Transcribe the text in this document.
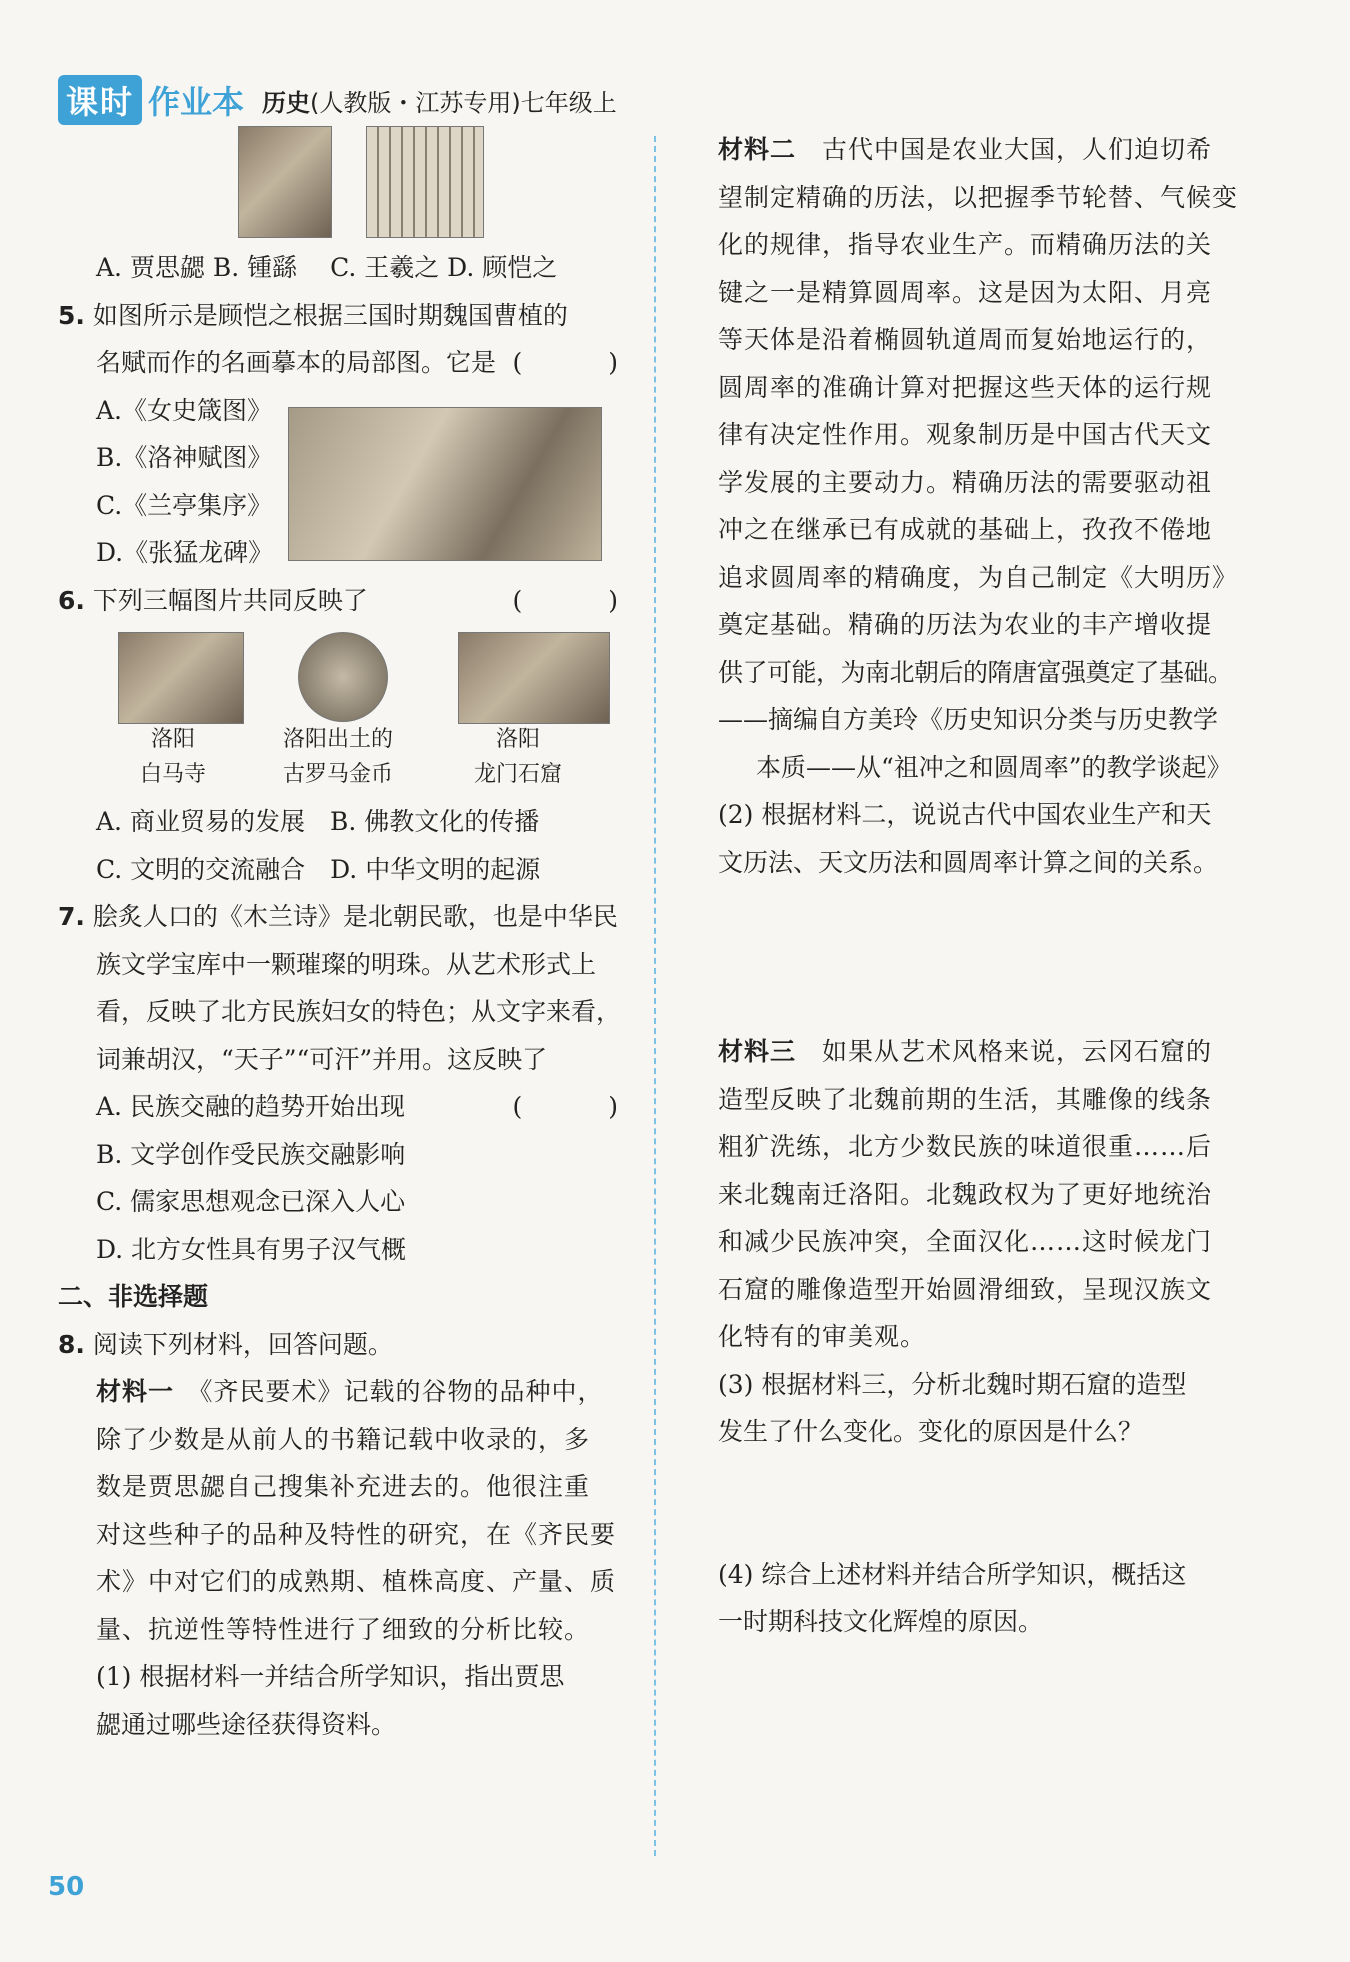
课时 作业本 历史(人教版・江苏专用)七年级上
A. 贾思勰 B. 锺繇　 C. 王羲之 D. 顾恺之
5. 如图所示是顾恺之根据三国时期魏国曹植的
名赋而作的名画摹本的局部图。它是 (　　)
A.《女史箴图》
B.《洛神赋图》
C.《兰亭集序》
D.《张猛龙碑》
6. 下列三幅图片共同反映了	(　　)
洛阳
白马寺
洛阳出土的
古罗马金币
洛阳
龙门石窟
A. 商业贸易的发展　 B. 佛教文化的传播
C. 文明的交流融合　 D. 中华文明的起源
7. 脍炙人口的《木兰诗》是北朝民歌，也是中华民
族文学宝库中一颗璀璨的明珠。从艺术形式上
看，反映了北方民族妇女的特色；从文字来看，
词兼胡汉，“天子”“可汗”并用。这反映了
(　　)
A. 民族交融的趋势开始出现
B. 文学创作受民族交融影响
C. 儒家思想观念已深入人心
D. 北方女性具有男子汉气概
二、非选择题
8. 阅读下列材料，回答问题。
材料一　 《齐民要术》记载的谷物的品种中，
除了少数是从前人的书籍记载中收录的，多
数是贾思勰自己搜集补充进去的。他很注重
对这些种子的品种及特性的研究，在《齐民要
术》中对它们的成熟期、植株高度、产量、质
量、抗逆性等特性进行了细致的分析比较。
(1) 根据材料一并结合所学知识，指出贾思
勰通过哪些途径获得资料。
材料二　 古代中国是农业大国，人们迫切希
望制定精确的历法，以把握季节轮替、气候变
化的规律，指导农业生产。而精确历法的关
键之一是精算圆周率。这是因为太阳、月亮
等天体是沿着椭圆轨道周而复始地运行的，
圆周率的准确计算对把握这些天体的运行规
律有决定性作用。观象制历是中国古代天文
学发展的主要动力。精确历法的需要驱动祖
冲之在继承已有成就的基础上，孜孜不倦地
追求圆周率的精确度，为自己制定《大明历》
奠定基础。精确的历法为农业的丰产增收提
供了可能，为南北朝后的隋唐富强奠定了基础。
——摘编自方美玲《历史知识分类与历史教学
本质——从“祖冲之和圆周率”的教学谈起》
(2) 根据材料二，说说古代中国农业生产和天
文历法、天文历法和圆周率计算之间的关系。
材料三　 如果从艺术风格来说，云冈石窟的
造型反映了北魏前期的生活，其雕像的线条
粗犷洗练，北方少数民族的味道很重……后
来北魏南迁洛阳。北魏政权为了更好地统治
和减少民族冲突，全面汉化……这时候龙门
石窟的雕像造型开始圆滑细致，呈现汉族文
化特有的审美观。
(3) 根据材料三，分析北魏时期石窟的造型
发生了什么变化。变化的原因是什么？
(4) 综合上述材料并结合所学知识，概括这
一时期科技文化辉煌的原因。
50
